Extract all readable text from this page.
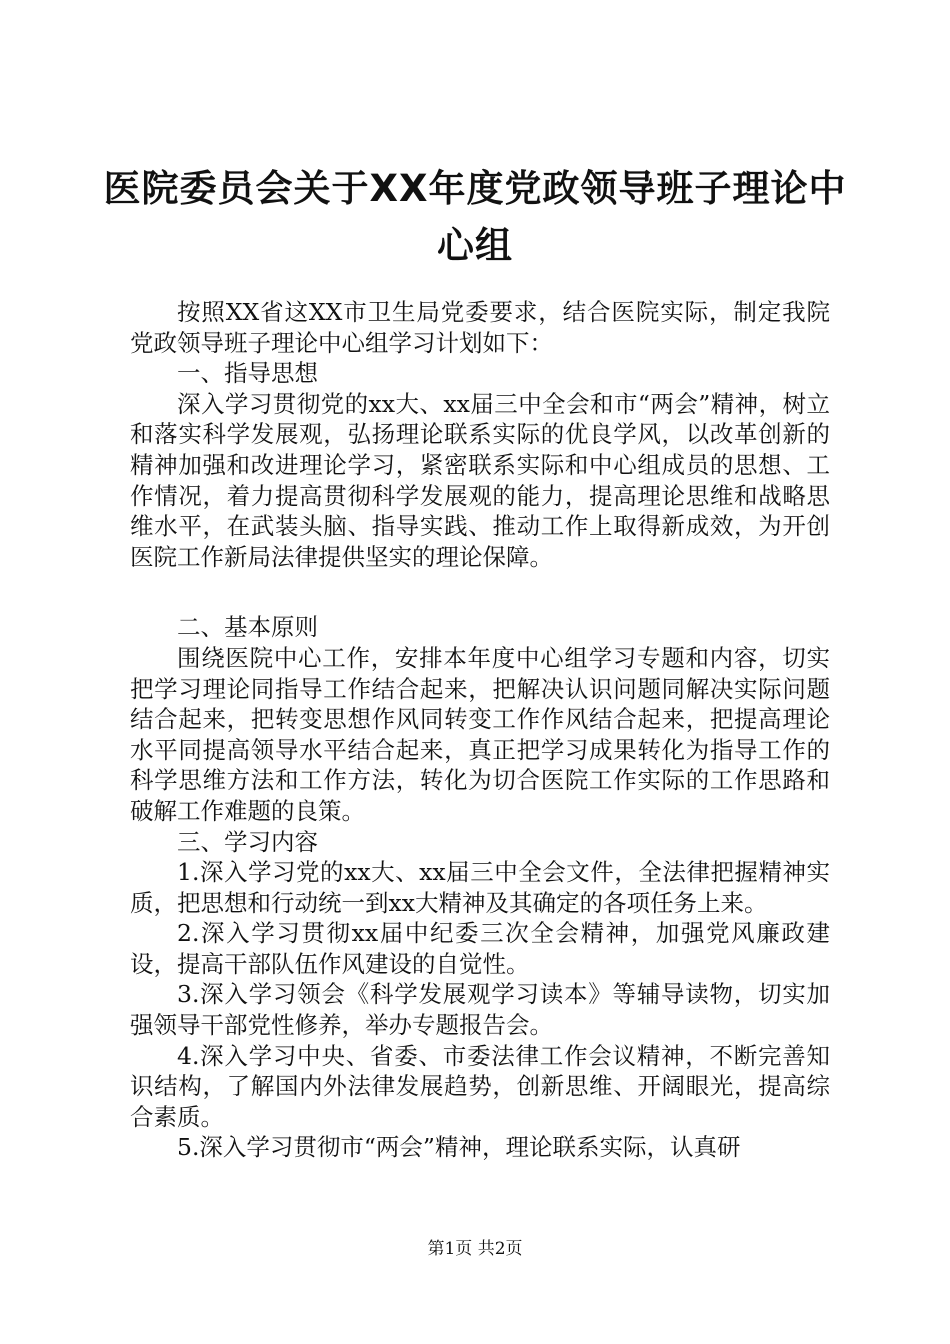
医院委员会关于XX年度党政领导班子理论中
心组

按照XX省这XX市卫生局党委要求，结合医院实际，制定我院党政领导班子理论中心组学习计划如下：

一、指导思想

深入学习贯彻党的xx大、xx届三中全会和市“两会”精神，树立和落实科学发展观，弘扬理论联系实际的优良学风，以改革创新的精神加强和改进理论学习，紧密联系实际和中心组成员的思想、工作情况，着力提高贯彻科学发展观的能力，提高理论思维和战略思维水平，在武装头脑、指导实践、推动工作上取得新成效，为开创医院工作新局法律提供坚实的理论保障。

二、基本原则

围绕医院中心工作，安排本年度中心组学习专题和内容，切实把学习理论同指导工作结合起来，把解决认识问题同解决实际问题结合起来，把转变思想作风同转变工作作风结合起来，把提高理论水平同提高领导水平结合起来，真正把学习成果转化为指导工作的科学思维方法和工作方法，转化为切合医院工作实际的工作思路和破解工作难题的良策。

三、学习内容

1.深入学习党的xx大、xx届三中全会文件，全法律把握精神实质，把思想和行动统一到xx大精神及其确定的各项任务上来。

2.深入学习贯彻xx届中纪委三次全会精神，加强党风廉政建设，提高干部队伍作风建设的自觉性。

3.深入学习领会《科学发展观学习读本》等辅导读物，切实加强领导干部党性修养，举办专题报告会。

4.深入学习中央、省委、市委法律工作会议精神，不断完善知识结构，了解国内外法律发展趋势，创新思维、开阔眼光，提高综合素质。

5.深入学习贯彻市“两会”精神，理论联系实际，认真研

第1页 共2页
